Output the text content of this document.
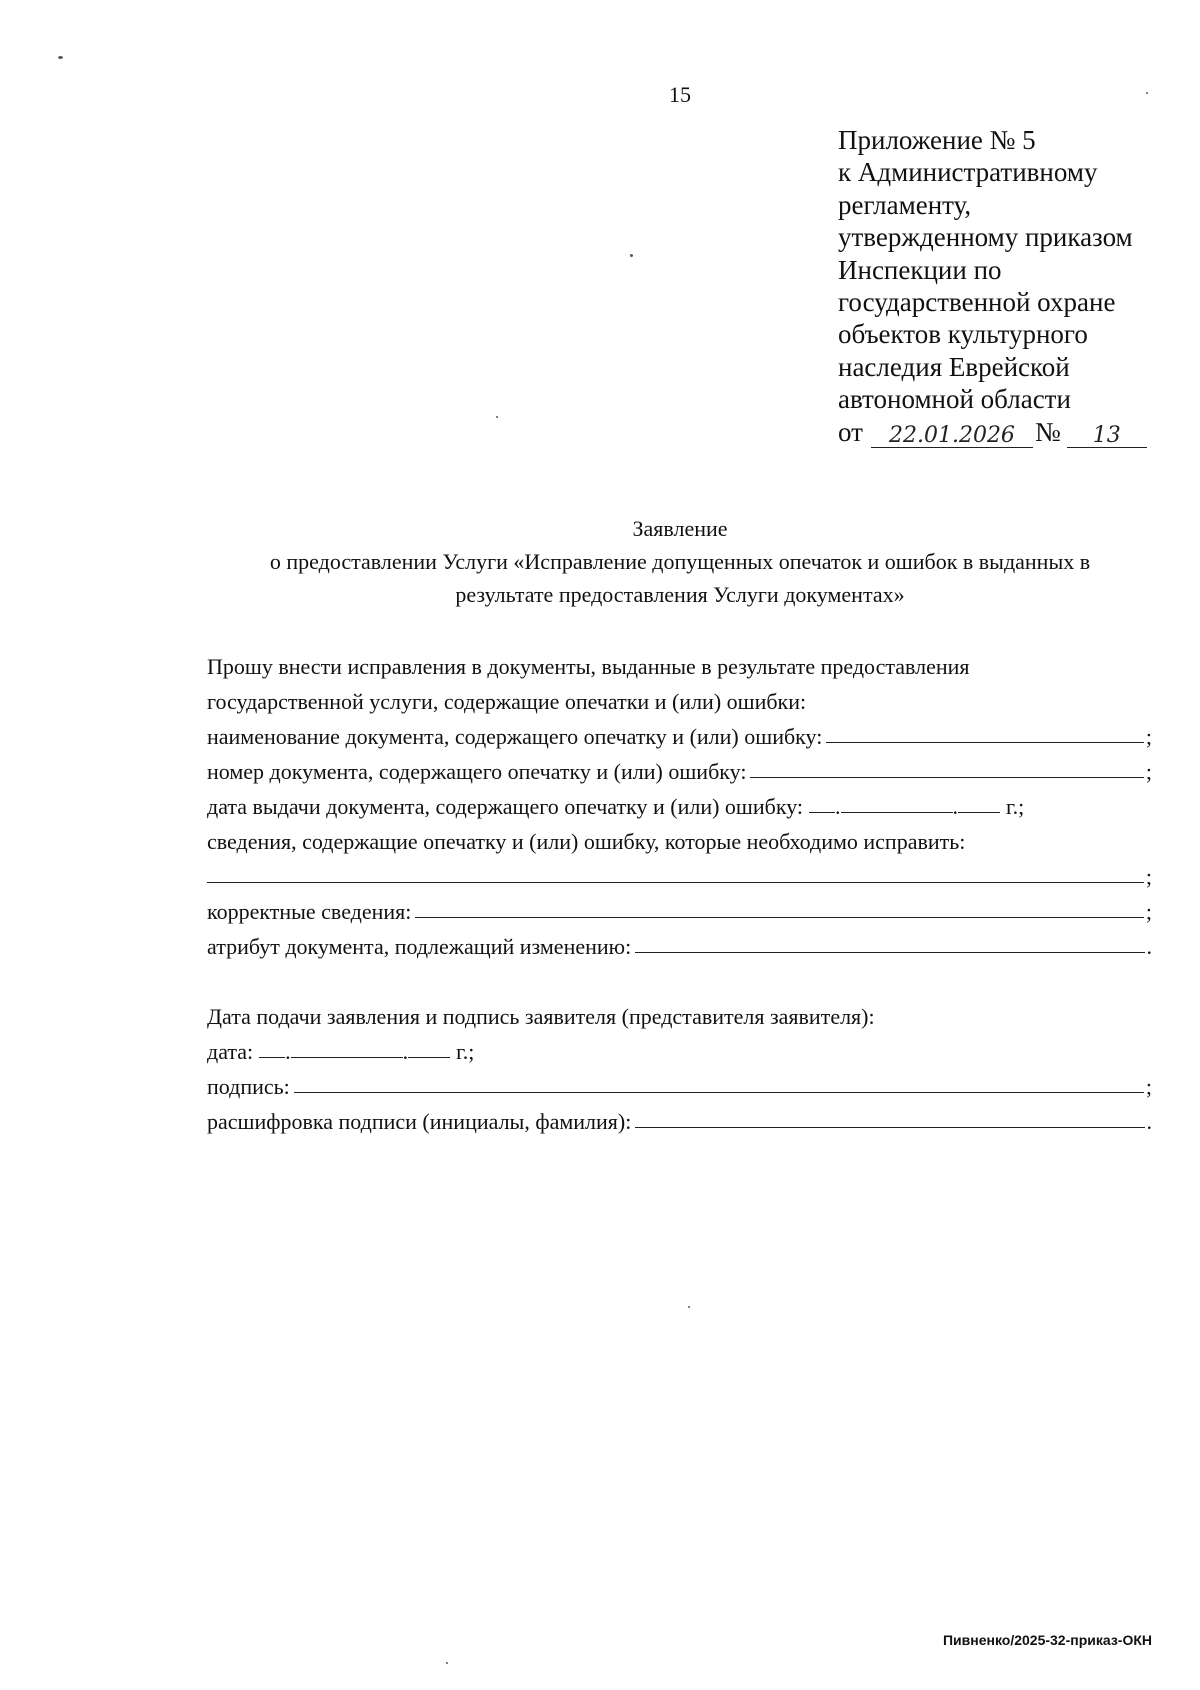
15
Приложение № 5
к Административному
регламенту,
утвержденному приказом
Инспекции по
государственной охране
объектов культурного
наследия Еврейской
автономной области
от	22.01.2026 №	13
Заявление
о предоставлении Услуги «Исправление допущенных опечаток и ошибок в выданных в
результате предоставления Услуги документах»
Прошу внести исправления в документы, выданные в результате предоставления
государственной услуги, содержащие опечатки и (или) ошибки:
наименование документа, содержащего опечатку и (или) ошибку:	;
номер документа, содержащего опечатку и (или) ошибку:	;
дата выдачи документа, содержащего опечатку и (или) ошибку: .	. г.;
сведения, содержащие опечатку и (или) ошибку, которые необходимо исправить:
;
корректные сведения:	;
атрибут документа, подлежащий изменению:	.
Дата подачи заявления и подпись заявителя (представителя заявителя):
дата: .	. г.;
подпись:	;
расшифровка подписи (инициалы, фамилия):	.
Пивненко/2025-32-приказ-ОКН
